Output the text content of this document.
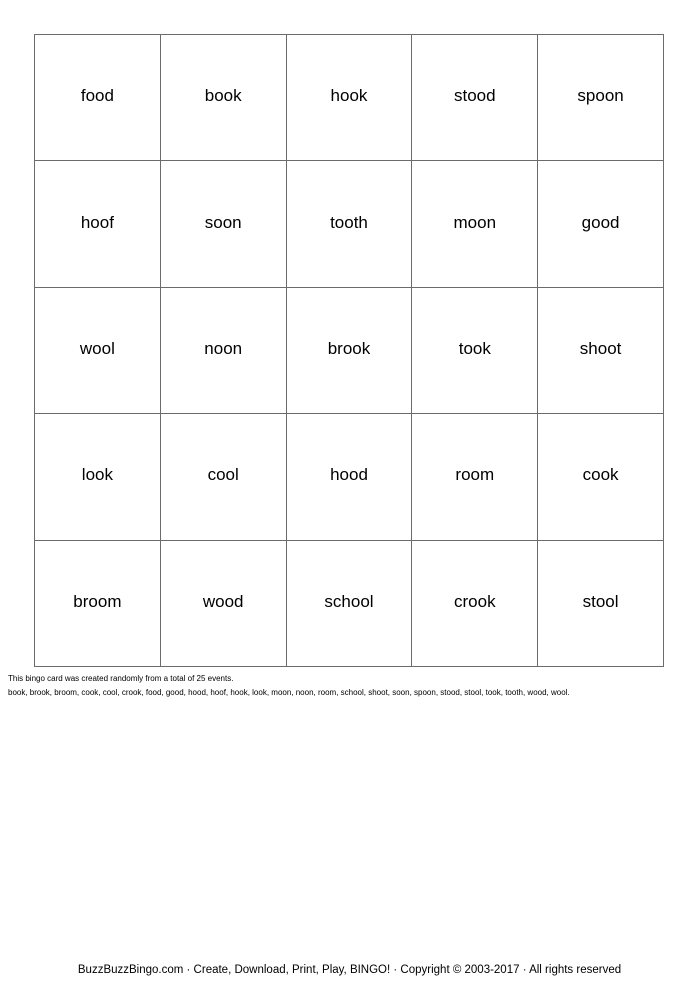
food	book	hook	stood	spoon
hoof	soon	tooth	moon	good
wool	noon	brook	took	shoot
look	cool	hood	room	cook
broom	wood	school	crook	stool
This bingo card was created randomly from a total of 25 events.
book, brook, broom, cook, cool, crook, food, good, hood, hoof, hook, look, moon, noon, room, school, shoot, soon, spoon, stood, stool, took, tooth, wood, wool.
BuzzBuzzBingo.com · Create, Download, Print, Play, BINGO! · Copyright © 2003-2017 · All rights reserved
